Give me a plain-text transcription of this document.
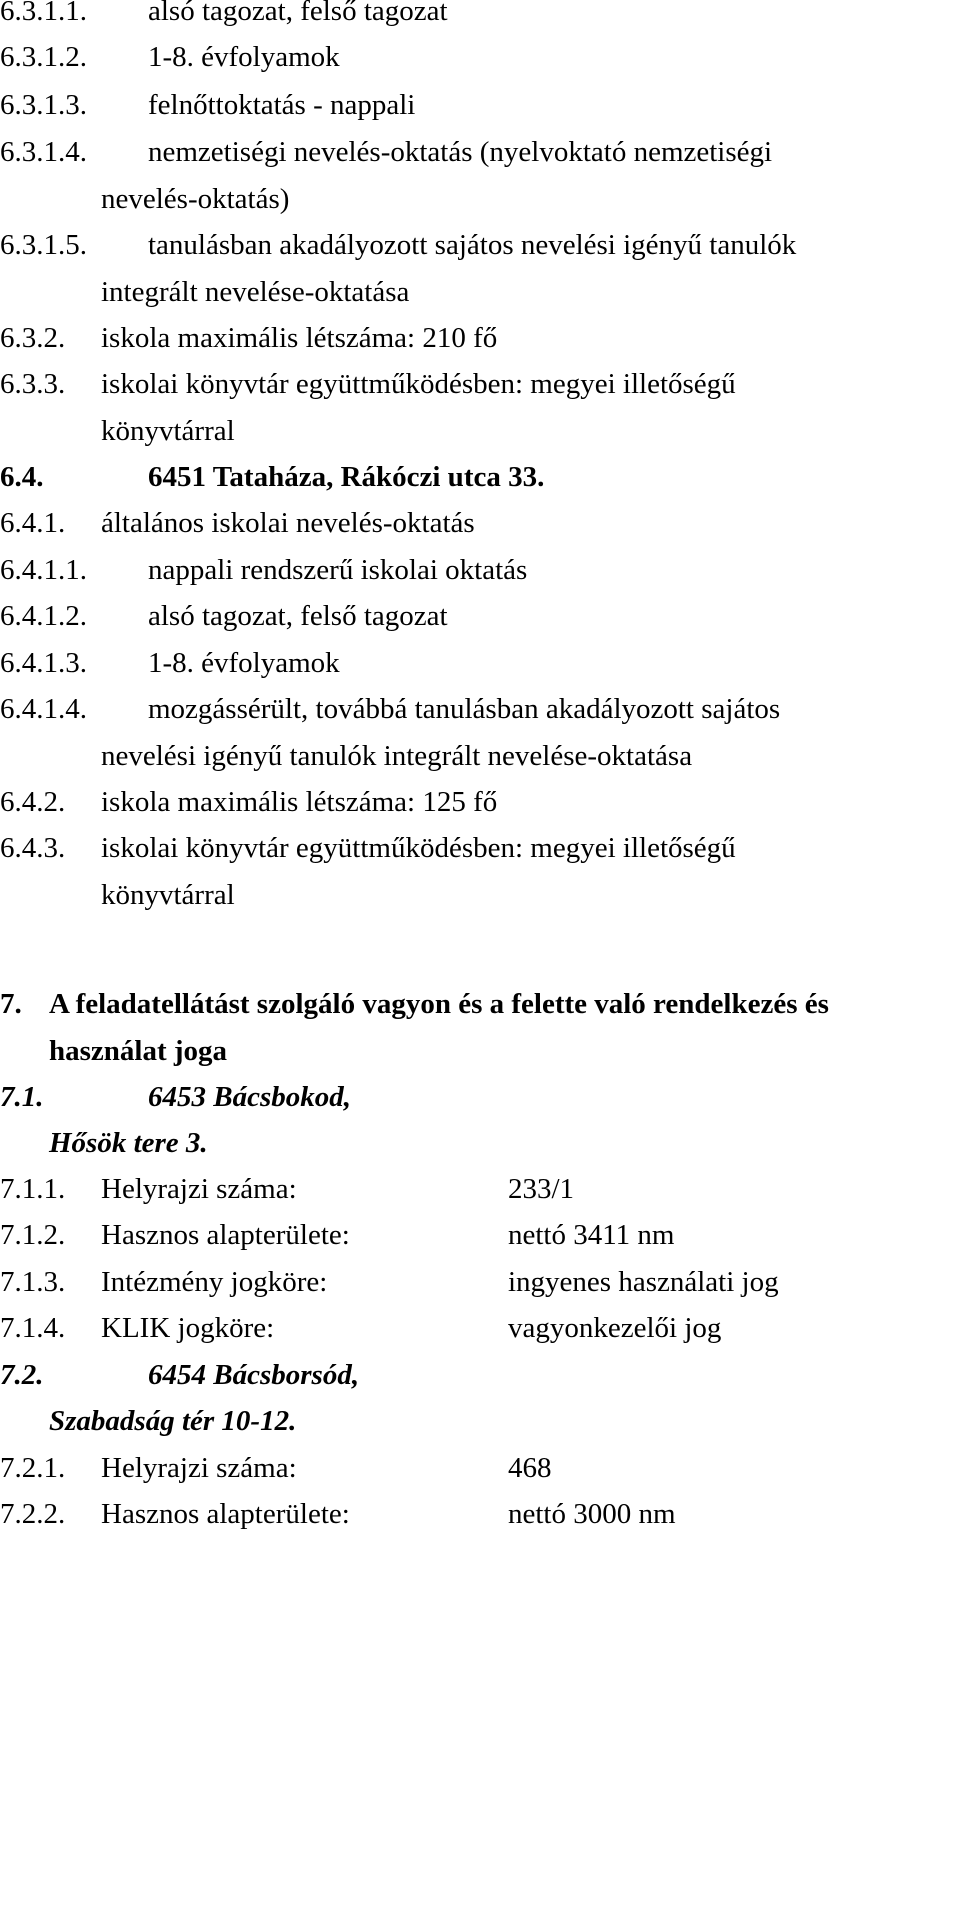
6.3.1.1. alsó tagozat, felső tagozat
6.3.1.2. 1-8. évfolyamok
6.3.1.3. felnőttoktatás - nappali
6.3.1.4. nemzetiségi nevelés-oktatás (nyelvoktató nemzetiségi
nevelés-oktatás)
6.3.1.5. tanulásban akadályozott sajátos nevelési igényű tanulók
integrált nevelése-oktatása
6.3.2. iskola maximális létszáma: 210 fő
6.3.3. iskolai könyvtár együttműködésben: megyei illetőségű
könyvtárral
6.4.	6451 Tataháza, Rákóczi utca 33.
6.4.1. általános iskolai nevelés-oktatás
6.4.1.1. nappali rendszerű iskolai oktatás
6.4.1.2. alsó tagozat, felső tagozat
6.4.1.3. 1-8. évfolyamok
6.4.1.4. mozgássérült, továbbá tanulásban akadályozott sajátos
nevelési igényű tanulók integrált nevelése-oktatása
6.4.2. iskola maximális létszáma: 125 fő
6.4.3. iskolai könyvtár együttműködésben: megyei illetőségű
könyvtárral
7. A feladatellátást szolgáló vagyon és a felette való rendelkezés és
használat joga
7.1.	6453 Bácsbokod,
Hősök tere 3.
7.1.1. Helyrajzi száma:	233/1
7.1.2. Hasznos alapterülete:	nettó 3411 nm
7.1.3. Intézmény jogköre:	ingyenes használati jog
7.1.4. KLIK jogköre:	vagyonkezelői jog
7.2.	6454 Bácsborsód,
Szabadság tér 10-12.
7.2.1. Helyrajzi száma:	468
7.2.2. Hasznos alapterülete:	nettó 3000 nm
